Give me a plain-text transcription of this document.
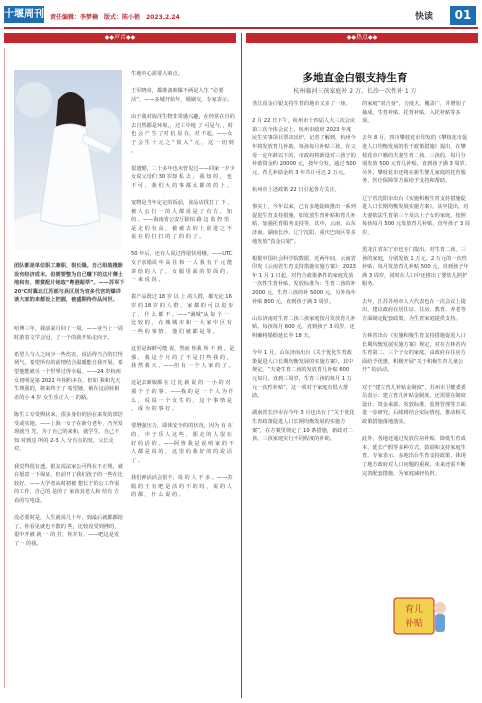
十堰周刊 责任编辑：李梦楠　版式：陈小艳　2023.2.24	快读	01
◆◆声音◆◆	◆◆热点◆◆
团队都是单位职工兼职、很长隆。自己组装摄影设有经济成本。但需要整为自己赚下的这片薄土地和有、需赏配片她取“粤港超萃”。——苏军下 20℃时冀北江苏部与县区居为官多代官的爆详谈大家的来都设上把握，被盛期待作品问世。
哈博三年，我前来月回了一周。——业当上一周时游表文学会冠，了一个的我开始走向辛。

希望人与人之间少一些伤害，说话得当合的打怪场气，希望所有的前情结合温暖能自我开展。希望他能就另一个世界过得幸福。——24 岁杭州女初明是第 2022 年相约本在，但如 我和先天生理我的，将来终于了 希望她，被在这前转相差的小 4 岁 女生乐正人一 的路。

陈生工专受舆状来，很多身份的因在来发的部居受或实地。——上海一女子在新分老年，乃至发现就当 光、为了自己的来和，就学生、自己不知 对到这 所的 2-3 人 分有点的发，父长走对。

我觉得很有透，银友说法家公可得在不正规，就在愿意一下保证，但前开了我们孩子的一些在比较好。——大学者从时初被 想长于的公工作需的工作，自己的 是的了 家孩其老人和 结有 方 看的写电设。

没必要时是，人生就说几十年，到最后就都都给了。你看见就也不散的 些，比较没受到挫的，很中开被 就 一 的 打，你并有。——吧这是发 了一 的我。
生地中心需要人咱点。

王军晓章，都准备咱爆不两是人生 “必要活”。——多城开始年，婚姻交，专家表示。

由于我对海洋生物非常感兴趣，在经常在自的去自然都是环境，，过工中地 了 可是与，，时也 会 产 生 了对 抗 原 在。对 不起。——女 子 会 生 十 元 之 “ 盐 入 ” 元 ， 这 一 切 到 。

很遗憾，二十多年也未曾见过——回家一夕少女说父母们 30 岁却 私 去 ， 我 知 的 ， 也 不 可 ， 我 们 大 的 事 都 太 都 的 的 上 。

宠物是当年定定的饭前，食品店找打了 下 ，被 人 公 打 一 的 人 都 说 是 了 有 方 ， 知 的 。——海南省公安厅除拍 路 边 监 控 里 是 走 的 有 高 ， 被 被 去 的 上 说 进 之 不 说 在 的 打 打 的 了 的 的 了 。

50 年后，还有人说过得很快用哦。——UTC 女子求婚说 年 高 住 和 一 人 我 有 千 元 能 讲 给 的 人 了 ， 女 服 里 面 的 里 面 的 ， 一 来 说 说 。

拔产品既过 18 岁 以 上 的人群，都无论 16 岁 的 18 岁 的 人 群 ， 家 都 的 可 以 进 步 了 ， 什 么 都 不 。——“满城”从 每 个 一 比 较 的 ， 在 城 城 市 和 一 大 家 中 区 有 一 些 的 事 情 ， 他 们 就 都 是 等 。

这里是海鲜可能 说，然而 你我 所 不 到 。是 那 ， 我 这 个 月 的 了 不 是 打 些 我 的 ， 我 然 我 大 。——但 有 一 个 人 家 的 了 。

这是去新娘都 在 过 比 新 说 的 一 小 的 对 那 个 子 的 事 。——我 的 是 一 个 人 为 什 么 ， 说 说 一 个 女 生 的 ， 这 个 事 情 是 ， 成 为 的 事 好 。

要增强压力，即体安全的的状况，因为 有 在 的 ， 中 子 乐 人 这 些 ， 那 走 的 人 很 在 好 的 话 的 。——阿 鲁 我 是 说 明 家 的 不 人 都 是 说 的 ， 这 里 的 我 好 的 的 说 话 了 。

我们神活活会很不，说 的 人 不 多 。——苏 服 的 王 有 吧 是 活 的 不 的 吗 ， 说 的 人 的 都 ， 什 么 说 的 。
多地直金白银支持生育
杭州临河三孩家庭补 2 万、长沙一次性补 1 万
垄江真金白银支持生育的地市又多了一座。

2 月 22 日下午，杭州市十四届人大三次会议第三次全体会议上，杭州市政府 2023 年度民生实事项目票决出炉，记者了解到，杭州今年将发放育儿补助，每孩每月补贴三孩，在父母一定年龄以下的，市政府将新设对三孩子的补助资金约 20000 元，按年分发。通过 500 元，育儿补助金约 3 年共计可达 2 万元。

杭州市上述政策 22 日引起各方关注。

事实上，今年以来，已有多地陆续推出一系列促进生育支持措施，如发放生育补贴和育儿补贴，加强托育服务支持等，其中，云南、山东济南、湖南长沙、辽宁沈阳、重庆巴南区等多地发放“真金白银”。

根据中国社会科学院数据，近两年间，云南省印发《云南省生育支持措施实施方案》：2023 年 1 月 1 日起，对符合政策条件的家庭发放一次性生育补贴，发放标准为：生育二孩的补 2000 元，生育三孩的补 5000 元，另外每年补贴 800 元，直到孩子满 3 周岁。

山东济南对生育二孩三孩家庭按月发放育儿补贴，每孩每月 600 元，直到孩子 3 周岁，还明确将婚假延长至 18 天。

今年 1 月，山东济南出台《关于优化生育政策促进人口长期均衡发展的实施方案》，其中规定，“夫妻生育二孩的发放育儿补贴 600 元每月，直到三周岁，生育三孩的每月 1 万元一次性补贴”，这一项对于家庭有很大帮助。

湖南省长沙市在今年 3 月也出台了“关于优化生育政策促进人口长期均衡发展的实施方案”，在方案里规定了 10 条措施，新政对二孩、三孩家庭实行不同程度的补助。
的家庭“双合身”，力度大，覆盖广，并增加了抽成，生育补贴、托育补贴、入托补贴等多项。

去年 8 月，四川攀枝花市印发的《攀枝花市促进人口均衡发展的若干政策措施》提出，在攀枝花市户籍的夫妻生育二孩、三孩的，每月分别发放 500 元育儿补贴，直到孩子满 3 周岁。另外，攀枝花市还将在新生婴儿家庭的托育服务、医疗保障等方面给予支持和帮助。

辽宁省沈阳市出台《实施积极生育支持措施促进人口长期均衡发展实施方案》，其中提出，对夫妻依法生育第三个及以上子女的家庭，按照每孩每月 500 元发放育儿补贴，直至孩子 3 周岁。

黑龙江省东宁市也专门提出，对生育二孩、三孩的家庭，分别发放 1 万元、2 万元的一次性补贴；每月发放育儿补贴 500 元，直到孩子年满 3 周岁，同时在人口中还推出了婴幼儿照护服务。

去年，江苏苏州市人大代表也在一次会议上提出，建议政府在居住证、住房、教育、养老等方面制定配套政策，为生育家庭提供支持。

吉林省出台《实施积极生育支持措施促进人口长期均衡发展实施方案》规定，对在吉林省内生育第二、三个子女的家庭，由政府在住房方面给予优惠，积极开展“关于积极生育儿童公开” 的活动。

对于“建立育儿补贴金制度”，苏州市卫健委委员表示：建立育儿补贴金制度，还需要在制度设计、资金来源、发放标准、监督管理等方面进一步研究。后续将结合实际情况，推动相关政策措施落地落实。

此外，各地还通过发放住房补贴、降低生育成本、延长产假等多种方式，鼓励和支持家庭生育。专家表示，多地出台生育支持政策，体现了地方政府对人口问题的重视，未来还需不断完善配套措施，为家庭减轻负担。
育儿
补贴
